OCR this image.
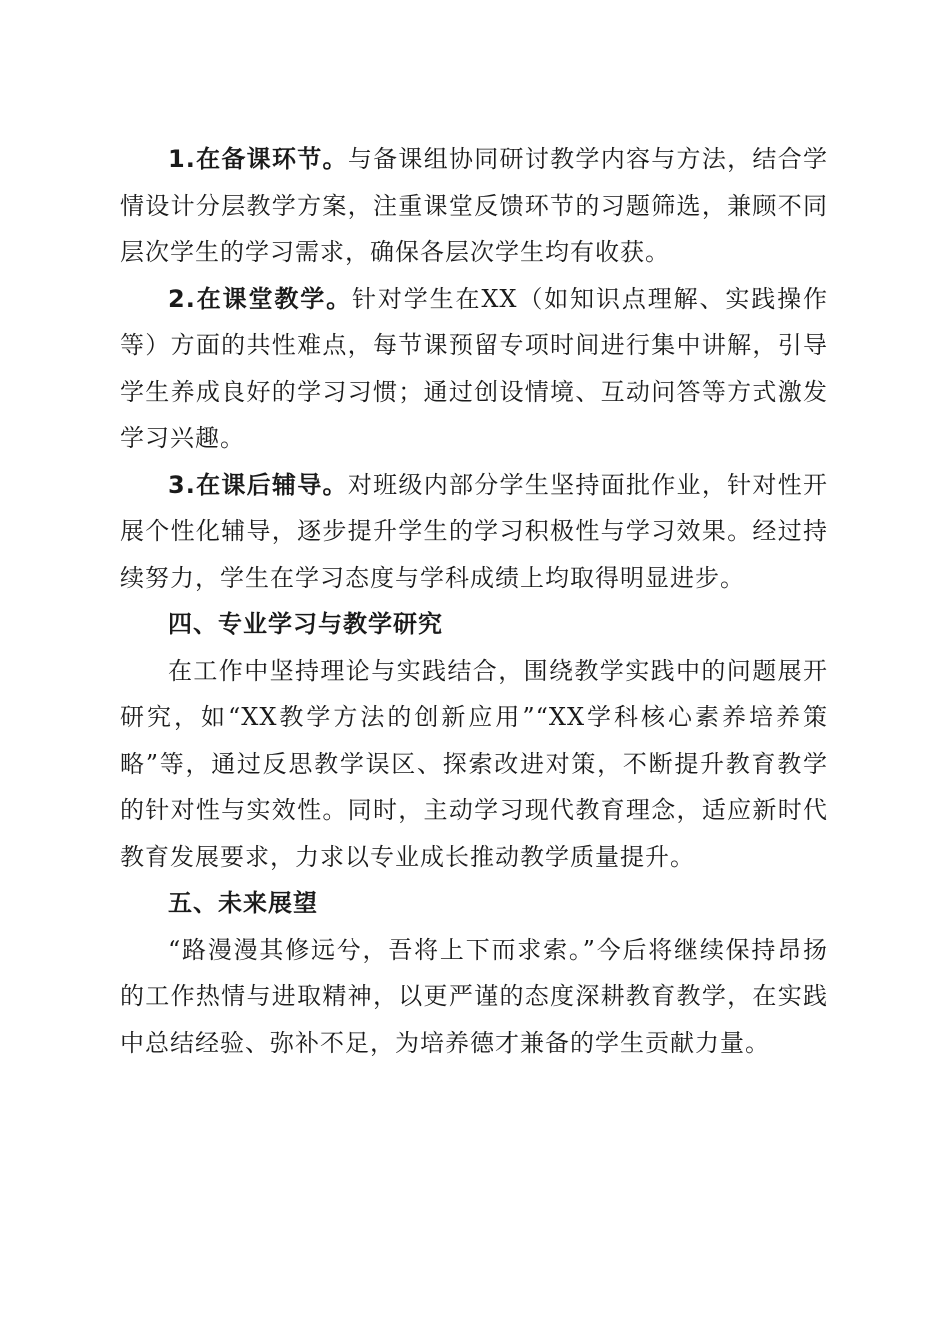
1.在备课环节。与备课组协同研讨教学内容与方法，结合学情设计分层教学方案，注重课堂反馈环节的习题筛选，兼顾不同层次学生的学习需求，确保各层次学生均有收获。

2.在课堂教学。针对学生在XX（如知识点理解、实践操作等）方面的共性难点，每节课预留专项时间进行集中讲解，引导学生养成良好的学习习惯；通过创设情境、互动问答等方式激发学习兴趣。

3.在课后辅导。对班级内部分学生坚持面批作业，针对性开展个性化辅导，逐步提升学生的学习积极性与学习效果。经过持续努力，学生在学习态度与学科成绩上均取得明显进步。

四、专业学习与教学研究

在工作中坚持理论与实践结合，围绕教学实践中的问题展开研究，如“XX教学方法的创新应用”“XX学科核心素养培养策略”等，通过反思教学误区、探索改进对策，不断提升教育教学的针对性与实效性。同时，主动学习现代教育理念，适应新时代教育发展要求，力求以专业成长推动教学质量提升。

五、未来展望

“路漫漫其修远兮，吾将上下而求索。”今后将继续保持昂扬的工作热情与进取精神，以更严谨的态度深耕教育教学，在实践中总结经验、弥补不足，为培养德才兼备的学生贡献力量。
